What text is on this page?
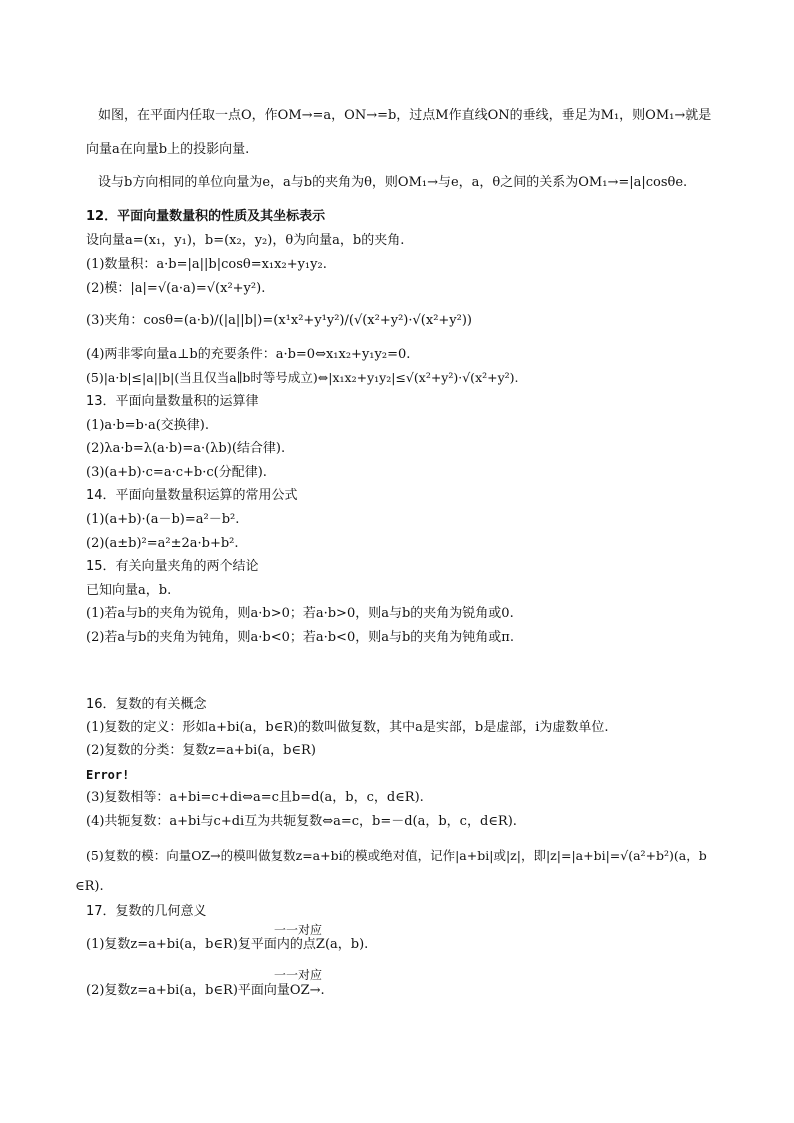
如图，在平面内任取一点O，作OM→=a，ON→=b，过点M作直线ON的垂线，垂足为M₁，则OM₁→就是
向量a在向量b上的投影向量.
设与b方向相同的单位向量为e，a与b的夹角为θ，则OM₁→与e，a，θ之间的关系为OM₁→=|a|cosθe.
12．平面向量数量积的性质及其坐标表示
设向量a=(x₁，y₁)，b=(x₂，y₂)，θ为向量a，b的夹角.
(1)数量积：a·b=|a||b|cosθ=x₁x₂+y₁y₂.
(2)模：|a|=√(a·a)=√(x²+y²).
(3)夹角：cosθ=(a·b)/(|a||b|)=(x¹x²+y¹y²)/(√(x²+y²)·√(x²+y²))
(4)两非零向量a⊥b的充要条件：a·b=0⇔x₁x₂+y₁y₂=0.
(5)|a·b|≤|a||b|(当且仅当a∥b时等号成立)⇔|x₁x₂+y₁y₂|≤√(x²+y²)·√(x²+y²).
13．平面向量数量积的运算律
(1)a·b=b·a(交换律).
(2)λa·b=λ(a·b)=a·(λb)(结合律).
(3)(a+b)·c=a·c+b·c(分配律).
14．平面向量数量积运算的常用公式
(1)(a+b)·(a－b)=a²－b².
(2)(a±b)²=a²±2a·b+b².
15．有关向量夹角的两个结论
已知向量a，b.
(1)若a与b的夹角为锐角，则a·b>0；若a·b>0，则a与b的夹角为锐角或0.
(2)若a与b的夹角为钝角，则a·b<0；若a·b<0，则a与b的夹角为钝角或π.
16．复数的有关概念
(1)复数的定义：形如a+bi(a，b∈R)的数叫做复数，其中a是实部，b是虚部，i为虚数单位.
(2)复数的分类：复数z=a+bi(a，b∈R)
Error!
(3)复数相等：a+bi=c+di⇔a=c且b=d(a，b，c，d∈R).
(4)共轭复数：a+bi与c+di互为共轭复数⇔a=c，b=－d(a，b，c，d∈R).
(5)复数的模：向量OZ→的模叫做复数z=a+bi的模或绝对值，记作|a+bi|或|z|，即|z|=|a+bi|=√(a²+b²)(a，b
∈R).
17．复数的几何意义
一一对应
(1)复数z=a+bi(a，b∈R)复平面内的点Z(a，b).
一一对应
(2)复数z=a+bi(a，b∈R)平面向量OZ→.
